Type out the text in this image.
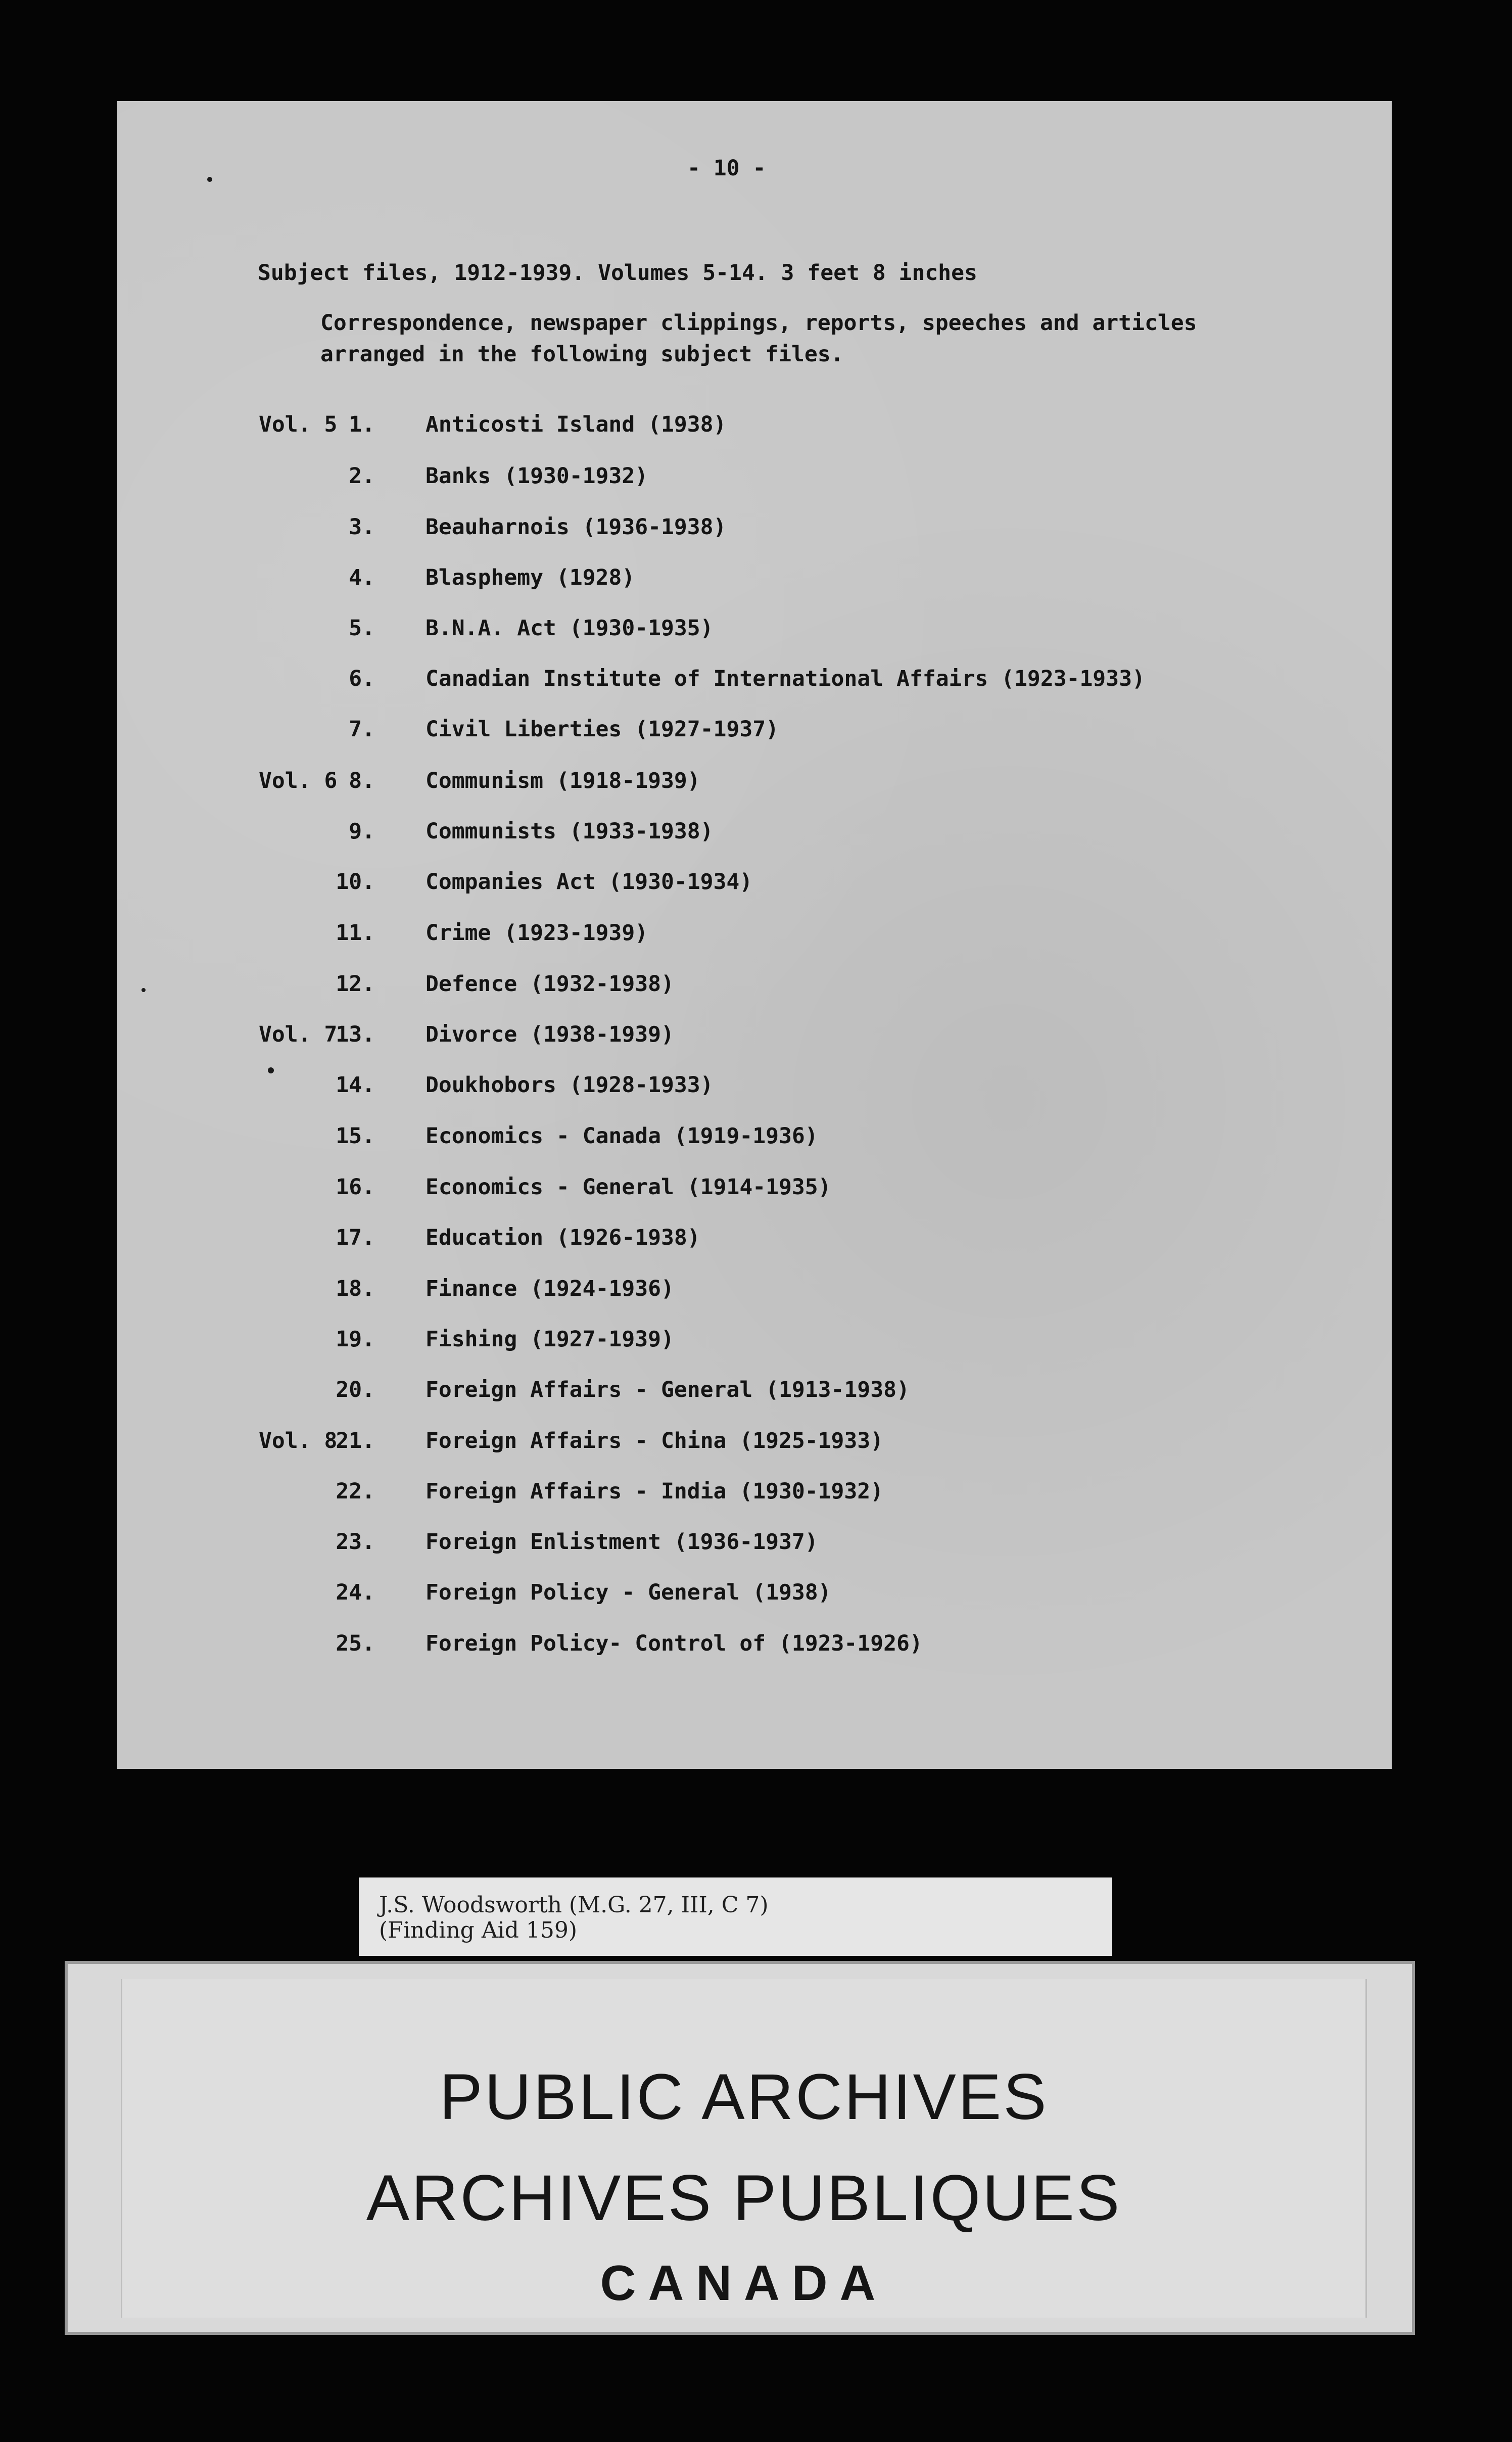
- 10 -
Subject files, 1912-1939. Volumes 5-14. 3 feet 8 inches
Correspondence, newspaper clippings, reports, speeches and articles
arranged in the following subject files.
Vol. 5 1. Anticosti Island (1938)
2. Banks (1930-1932)
3. Beauharnois (1936-1938)
4. Blasphemy (1928)
5. B.N.A. Act (1930-1935)
6. Canadian Institute of International Affairs (1923-1933)
7. Civil Liberties (1927-1937)
Vol. 6 8. Communism (1918-1939)
9. Communists (1933-1938)
10. Companies Act (1930-1934)
11. Crime (1923-1939)
12. Defence (1932-1938)
Vol. 7
13. Divorce (1938-1939)
14. Doukhobors (1928-1933)
15. Economics - Canada (1919-1936)
16. Economics - General (1914-1935)
17. Education (1926-1938)
18. Finance (1924-1936)
19. Fishing (1927-1939)
20. Foreign Affairs - General (1913-1938)
Vol. 8
21. Foreign Affairs - China (1925-1933)
22. Foreign Affairs - India (1930-1932)
23. Foreign Enlistment (1936-1937)
24. Foreign Policy - General (1938)
25. Foreign Policy- Control of (1923-1926)
J.S. Woodsworth (M.G. 27, III, C 7)
(Finding Aid 159)
PUBLIC ARCHIVES
ARCHIVES PUBLIQUES
CANADA
